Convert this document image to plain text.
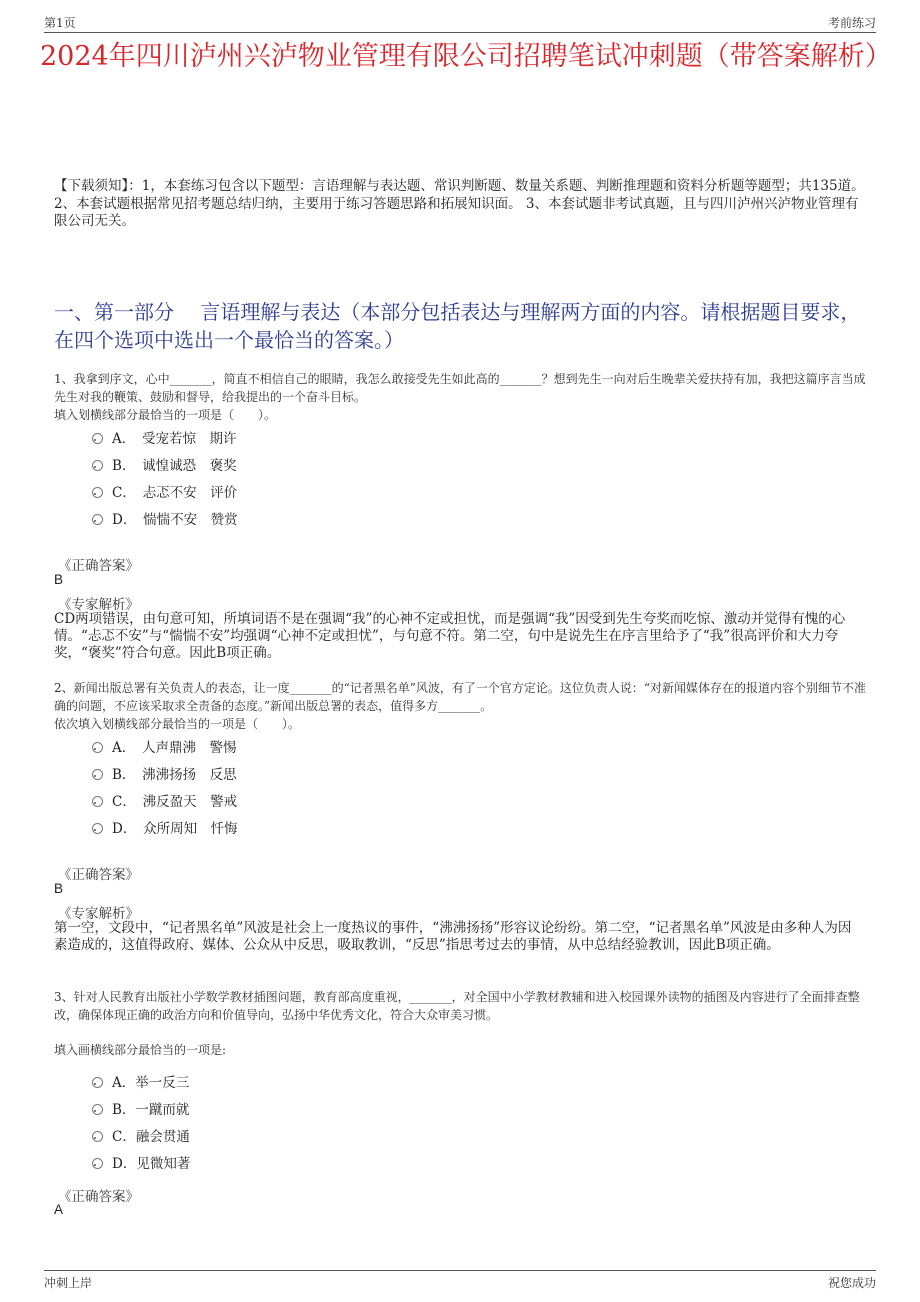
第1页	考前练习
2024年四川泸州兴泸物业管理有限公司招聘笔试冲刺题（带答案解析）
【下载须知】：1，本套练习包含以下题型：言语理解与表达题、常识判断题、数量关系题、判断推理题和资料分析题等题型；共135道。 2、本套试题根据常见招考题总结归纳，主要用于练习答题思路和拓展知识面。 3、本套试题非考试真题，且与四川泸州兴泸物业管理有限公司无关。
一、第一部分　 言语理解与表达（本部分包括表达与理解两方面的内容。请根据题目要求，在四个选项中选出一个最恰当的答案。）
1、我拿到序文，心中_______，简直不相信自己的眼睛，我怎么敢接受先生如此高的_______？想到先生一向对后生晚辈关爱扶持有加，我把这篇序言当成先生对我的鞭策、鼓励和督导，给我提出的一个奋斗目标。
填入划横线部分最恰当的一项是（　　）。
A．　受宠若惊　期许
B．　诚惶诚恐　褒奖
C．　忐忑不安　评价
D．　惴惴不安　赞赏
《正确答案》
B
《专家解析》
CD两项错误，由句意可知，所填词语不是在强调“我”的心神不定或担忧，而是强调“我”因受到先生夸奖而吃惊、激动并觉得有愧的心情。“忐忑不安”与“惴惴不安”均强调“心神不定或担忧”，与句意不符。第二空，句中是说先生在序言里给予了“我”很高评价和大力夸奖，“褒奖”符合句意。因此B项正确。
2、新闻出版总署有关负责人的表态，让一度_______的“记者黑名单”风波，有了一个官方定论。这位负责人说：“对新闻媒体存在的报道内容个别细节不准确的问题，不应该采取求全责备的态度。”新闻出版总署的表态，值得多方_______。
依次填入划横线部分最恰当的一项是（　　）。
A．　人声鼎沸　警惕
B．　沸沸扬扬　反思
C．　沸反盈天　警戒
D．　众所周知　忏悔
《正确答案》
B
《专家解析》
第一空，文段中，“记者黑名单”风波是社会上一度热议的事件，“沸沸扬扬”形容议论纷纷。第二空，“记者黑名单”风波是由多种人为因素造成的，这值得政府、媒体、公众从中反思，吸取教训，“反思”指思考过去的事情，从中总结经验教训，因此B项正确。
3、针对人民教育出版社小学数学教材插图问题，教育部高度重视，_______，对全国中小学教材教辅和进入校园课外读物的插图及内容进行了全面排查整改，确保体现正确的政治方向和价值导向，弘扬中华优秀文化，符合大众审美习惯。
填入画横线部分最恰当的一项是:
A．举一反三
B．一蹴而就
C．融会贯通
D．见微知著
《正确答案》
A
冲刺上岸	祝您成功
